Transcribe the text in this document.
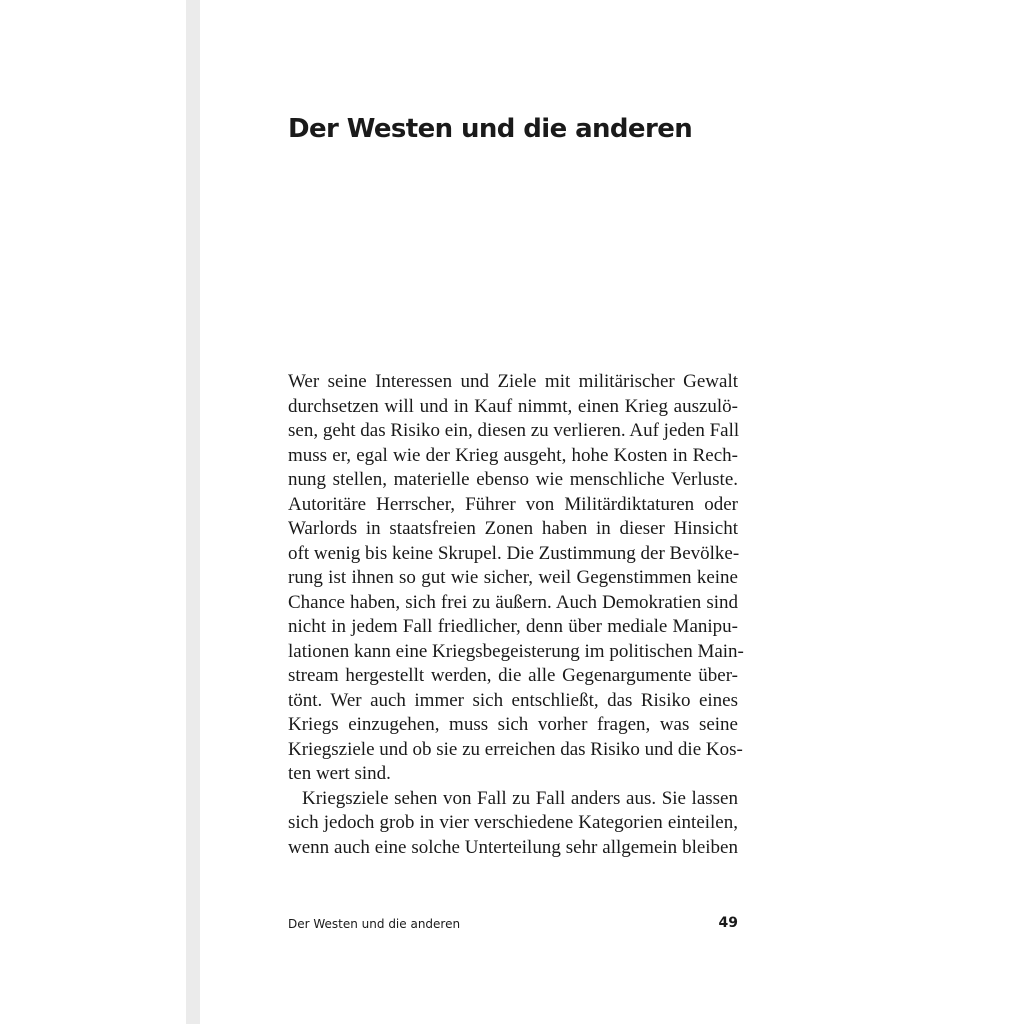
Der Westen und die anderen
Wer seine Interessen und Ziele mit militärischer Gewalt
durchsetzen will und in Kauf nimmt, einen Krieg auszulö-
sen, geht das Risiko ein, diesen zu verlieren. Auf jeden Fall
muss er, egal wie der Krieg ausgeht, hohe Kosten in Rech-
nung stellen, materielle ebenso wie menschliche Verluste.
Autoritäre Herrscher, Führer von Militärdiktaturen oder
Warlords in staatsfreien Zonen haben in dieser Hinsicht
oft wenig bis keine Skrupel. Die Zustimmung der Bevölke-
rung ist ihnen so gut wie sicher, weil Gegenstimmen keine
Chance haben, sich frei zu äußern. Auch Demokratien sind
nicht in jedem Fall friedlicher, denn über mediale Manipu-
lationen kann eine Kriegsbegeisterung im politischen Main-
stream hergestellt werden, die alle Gegenargumente über-
tönt. Wer auch immer sich entschließt, das Risiko eines
Kriegs einzugehen, muss sich vorher fragen, was seine
Kriegsziele und ob sie zu erreichen das Risiko und die Kos-
ten wert sind.
Kriegsziele sehen von Fall zu Fall anders aus. Sie lassen
sich jedoch grob in vier verschiedene Kategorien einteilen,
wenn auch eine solche Unterteilung sehr allgemein bleiben
Der Westen und die anderen	49
